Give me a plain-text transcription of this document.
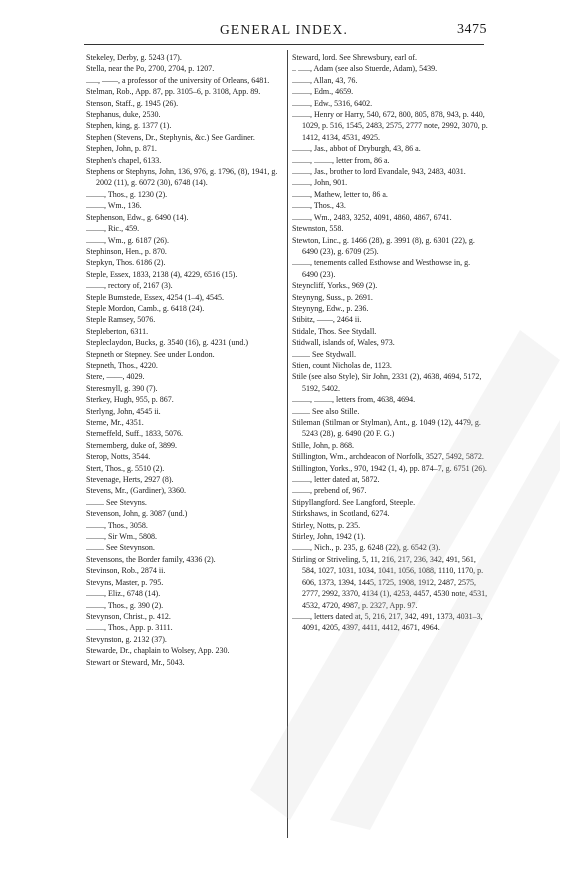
GENERAL INDEX.	3475

Stekeley, Derby, g. 5243 (17).

Stella, near the Po, 2700, 2704, p. 1207.

......, ——, a professor of the university of Orleans, 6481.

Stelman, Rob., App. 87, pp. 3105–6, p. 3108, App. 89.

Stenson, Staff., g. 1945 (26).

Stephanus, duke, 2530.

Stephen, king, g. 1377 (1).

Stephen (Stevens, Dr., Stephynis, &c.) See Gardiner.

Stephen, John, p. 871.

Stephen's chapel, 6133.

Stephens or Stephyns, John, 136, 976, g. 1796, (8), 1941, g. 2002 (11), g. 6072 (30), 6748 (14).

........., Thos., g. 1230 (2).

........., Wm., 136.

Stephenson, Edw., g. 6490 (14).

........., Ric., 459.

........., Wm., g. 6187 (26).

Stephinson, Hen., p. 870.

Stepkyn, Thos. 6186 (2).

Steple, Essex, 1833, 2138 (4), 4229, 6516 (15).

........., rectory of, 2167 (3).

Steple Bumstede, Essex, 4254 (1–4), 4545.

Steple Mordon, Camb., g. 6418 (24).

Steple Ramsey, 5076.

Stepleberton, 6311.

Stepleclaydon, Bucks, g. 3540 (16), g. 4231 (und.)

Stepneth or Stepney. See under London.

Stepneth, Thos., 4220.

Stere, ——, 4029.

Steresmyll, g. 390 (7).

Sterkey, Hugh, 955, p. 867.

Sterlyng, John, 4545 ii.

Sterne, Mr., 4351.

Sterneffeld, Suff., 1833, 5076.

Sternemberg, duke of, 3899.

Sterop, Notts, 3544.

Stert, Thos., g. 5510 (2).

Stevenage, Herts, 2927 (8).

Stevens, Mr., (Gardiner), 3360.

......... See Stevyns.

Stevenson, John, g. 3087 (und.)

........., Thos., 3058.

........., Sir Wm., 5808.

......... See Stevynson.

Stevensons, the Border family, 4336 (2).

Stevinson, Rob., 2874 ii.

Stevyns, Master, p. 795.

........., Eliz., 6748 (14).

........., Thos., g. 390 (2).

Stevynson, Christ., p. 412.

........., Thos., App. p. 3111.

Stevynston, g. 2132 (37).

Stewarde, Dr., chaplain to Wolsey, App. 230.

Stewart or Steward, Mr., 5043.

Steward, lord. See Shrewsbury, earl of.

.. ......, Adam (see also Stuerde, Adam), 5439.

........., Allan, 43, 76.

........., Edm., 4659.

........., Edw., 5316, 6402.

........., Henry or Harry, 540, 672, 800, 805, 878, 943, p. 440, 1029, p. 516, 1545, 2483, 2575, 2777 note, 2992, 3070, p. 1412, 4134, 4531, 4925.

........., Jas., abbot of Dryburgh, 43, 86 a.

........., ........., letter from, 86 a.

........., Jas., brother to lord Evandale, 943, 2483, 4031.

........., John, 901.

........., Mathew, letter to, 86 a.

........., Thos., 43.

........., Wm., 2483, 3252, 4091, 4860, 4867, 6741.

Stewnston, 558.

Stewton, Linc., g. 1466 (28), g. 3991 (8), g. 6301 (22), g. 6490 (23), g. 6709 (25).

........., tenements called Esthowse and Westhowse in, g. 6490 (23).

Steyncliff, Yorks., 969 (2).

Steynyng, Suss., p. 2691.

Steynyng, Edw., p. 236.

Stibitz, ——, 2464 ii.

Stidale, Thos. See Stydall.

Stidwall, islands of, Wales, 973.

......... See Stydwall.

Stien, count Nicholas de, 1123.

Stile (see also Style), Sir John, 2331 (2), 4638, 4694, 5172, 5192, 5402.

........., ........., letters from, 4638, 4694.

......... See also Stille.

Stileman (Stilman or Stylman), Ant., g. 1049 (12), 4479, g. 5243 (28), g. 6490 (20 F. G.)

Stille, John, p. 868.

Stillington, Wm., archdeacon of Norfolk, 3527, 5492, 5872.

Stillington, Yorks., 970, 1942 (1, 4), pp. 874–7, g. 6751 (26).

........., letter dated at, 5872.

........., prebend of, 967.

Stipyllangford. See Langford, Steeple.

Stirkshaws, in Scotland, 6274.

Stirley, Notts, p. 235.

Stirley, John, 1942 (1).

........., Nich., p. 235, g. 6248 (22), g. 6542 (3).

Stirling or Striveling, 5, 11, 216, 217, 236, 342, 491, 561, 584, 1027, 1031, 1034, 1041, 1056, 1088, 1110, 1170, p. 606, 1373, 1394, 1445, 1725, 1908, 1912, 2487, 2575, 2777, 2992, 3370, 4134 (1), 4253, 4457, 4530 note, 4531, 4532, 4720, 4987, p. 2327, App. 97.

........., letters dated at, 5, 216, 217, 342, 491, 1373, 4031–3, 4091, 4205, 4397, 4411, 4412, 4671, 4964.
